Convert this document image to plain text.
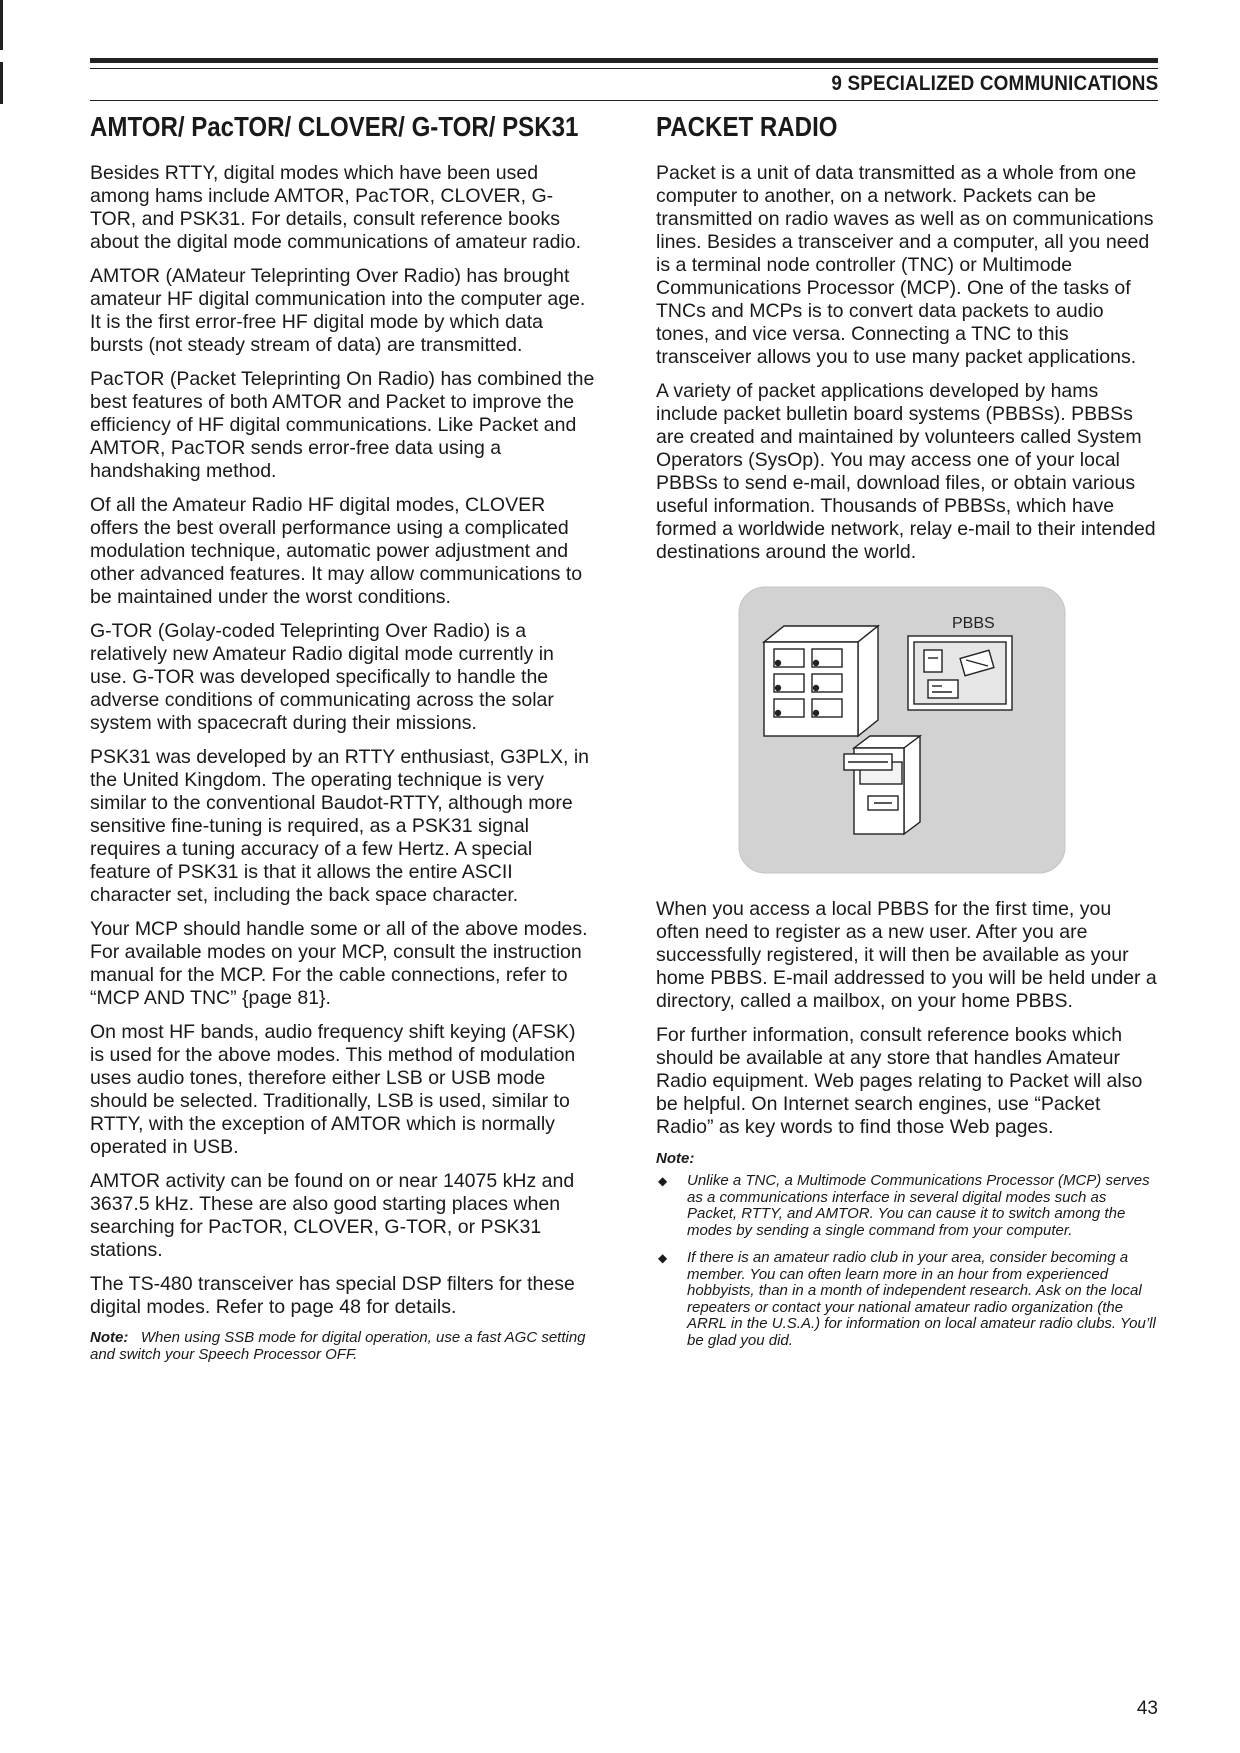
9 SPECIALIZED COMMUNICATIONS
AMTOR/ PacTOR/ CLOVER/ G-TOR/ PSK31

Besides RTTY, digital modes which have been used among hams include AMTOR, PacTOR, CLOVER, G-TOR, and PSK31. For details, consult reference books about the digital mode communications of amateur radio.

AMTOR (AMateur Teleprinting Over Radio) has brought amateur HF digital communication into the computer age. It is the first error-free HF digital mode by which data bursts (not steady stream of data) are transmitted.

PacTOR (Packet Teleprinting On Radio) has combined the best features of both AMTOR and Packet to improve the efficiency of HF digital communications. Like Packet and AMTOR, PacTOR sends error-free data using a handshaking method.

Of all the Amateur Radio HF digital modes, CLOVER offers the best overall performance using a complicated modulation technique, automatic power adjustment and other advanced features. It may allow communications to be maintained under the worst conditions.

G-TOR (Golay-coded Teleprinting Over Radio) is a relatively new Amateur Radio digital mode currently in use. G-TOR was developed specifically to handle the adverse conditions of communicating across the solar system with spacecraft during their missions.

PSK31 was developed by an RTTY enthusiast, G3PLX, in the United Kingdom. The operating technique is very similar to the conventional Baudot-RTTY, although more sensitive fine-tuning is required, as a PSK31 signal requires a tuning accuracy of a few Hertz. A special feature of PSK31 is that it allows the entire ASCII character set, including the back space character.

Your MCP should handle some or all of the above modes. For available modes on your MCP, consult the instruction manual for the MCP. For the cable connections, refer to “MCP AND TNC” {page 81}.

On most HF bands, audio frequency shift keying (AFSK) is used for the above modes. This method of modulation uses audio tones, therefore either LSB or USB mode should be selected. Traditionally, LSB is used, similar to RTTY, with the exception of AMTOR which is normally operated in USB.

AMTOR activity can be found on or near 14075 kHz and 3637.5 kHz. These are also good starting places when searching for PacTOR, CLOVER, G-TOR, or PSK31 stations.

The TS-480 transceiver has special DSP filters for these digital modes. Refer to page 48 for details.

Note: When using SSB mode for digital operation, use a fast AGC setting and switch your Speech Processor OFF.
PACKET RADIO

Packet is a unit of data transmitted as a whole from one computer to another, on a network. Packets can be transmitted on radio waves as well as on communications lines. Besides a transceiver and a computer, all you need is a terminal node controller (TNC) or Multimode Communications Processor (MCP). One of the tasks of TNCs and MCPs is to convert data packets to audio tones, and vice versa. Connecting a TNC to this transceiver allows you to use many packet applications.

A variety of packet applications developed by hams include packet bulletin board systems (PBBSs). PBBSs are created and maintained by volunteers called System Operators (SysOp). You may access one of your local PBBSs to send e-mail, download files, or obtain various useful information. Thousands of PBBSs, which have formed a worldwide network, relay e-mail to their intended destinations around the world.

PBBS

When you access a local PBBS for the first time, you often need to register as a new user. After you are successfully registered, it will then be available as your home PBBS. E-mail addressed to you will be held under a directory, called a mailbox, on your home PBBS.

For further information, consult reference books which should be available at any store that handles Amateur Radio equipment. Web pages relating to Packet will also be helpful. On Internet search engines, use “Packet Radio” as key words to find those Web pages.

Note:
◆ Unlike a TNC, a Multimode Communications Processor (MCP) serves as a communications interface in several digital modes such as Packet, RTTY, and AMTOR. You can cause it to switch among the modes by sending a single command from your computer.
◆ If there is an amateur radio club in your area, consider becoming a member. You can often learn more in an hour from experienced hobbyists, than in a month of independent research. Ask on the local repeaters or contact your national amateur radio organization (the ARRL in the U.S.A.) for information on local amateur radio clubs. You’ll be glad you did.
43
